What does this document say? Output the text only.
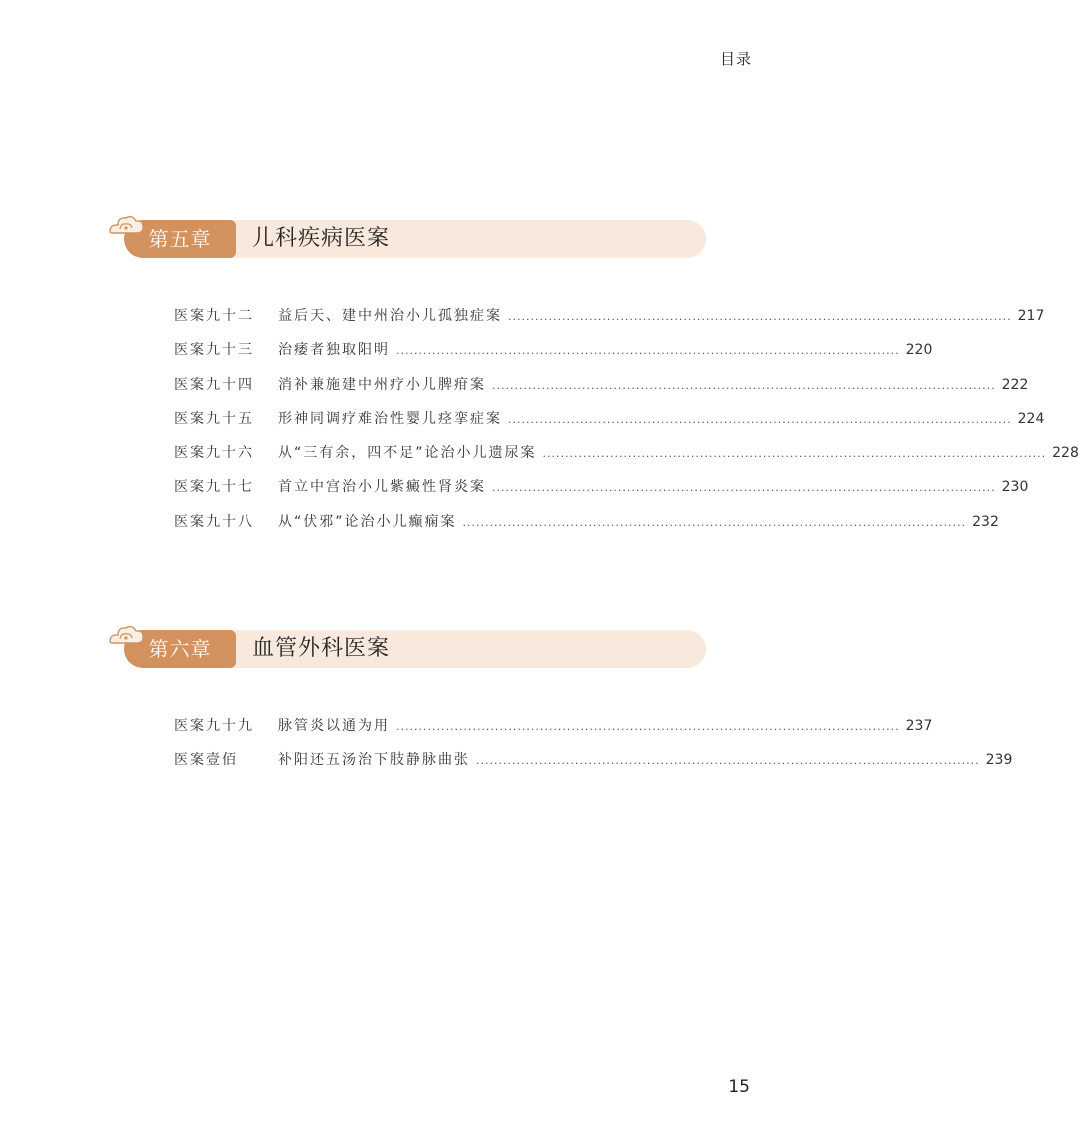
目录
第五章	儿科疾病医案
医案九十二	益后天、建中州治小儿孤独症案 ................................................................................................................ 217
医案九十三	治痿者独取阳明 ................................................................................................................ 220
医案九十四	消补兼施建中州疗小儿脾疳案 ................................................................................................................ 222
医案九十五	形神同调疗难治性婴儿痉挛症案 ................................................................................................................ 224
医案九十六	从“三有余，四不足”论治小儿遗尿案 ................................................................................................................ 228
医案九十七	首立中宫治小儿紫癜性肾炎案 ................................................................................................................ 230
医案九十八	从“伏邪”论治小儿癫痫案 ................................................................................................................ 232
第六章	血管外科医案
医案九十九	脉管炎以通为用 ................................................................................................................ 237
医案壹佰	补阳还五汤治下肢静脉曲张 ................................................................................................................ 239
15
